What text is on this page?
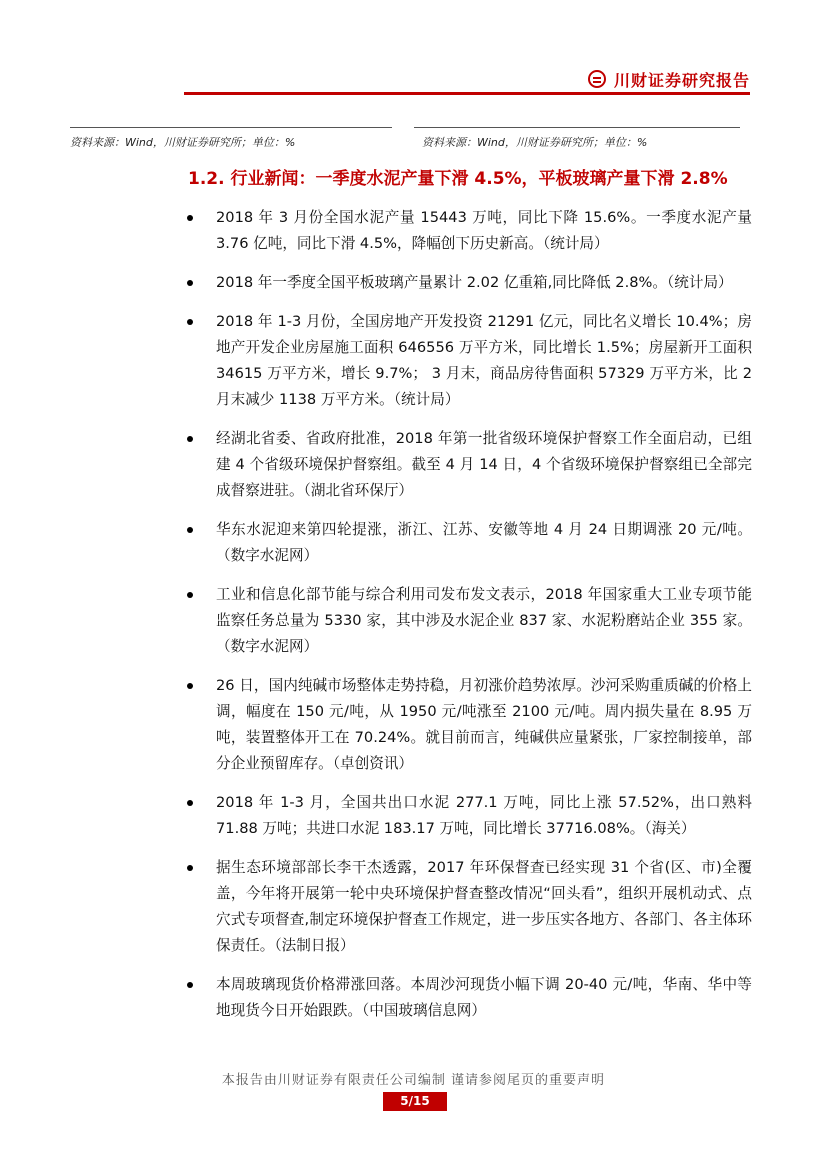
川财证券研究报告
资料来源：Wind，川财证券研究所；单位：%	资料来源：Wind，川财证券研究所；单位：%
1.2. 行业新闻：一季度水泥产量下滑 4.5%，平板玻璃产量下滑 2.8%
2018 年 3 月份全国水泥产量 15443 万吨，同比下降 15.6%。一季度水泥产量 3.76 亿吨，同比下滑 4.5%，降幅创下历史新高。（统计局）
2018 年一季度全国平板玻璃产量累计 2.02 亿重箱,同比降低 2.8%。（统计局）
2018 年 1-3 月份，全国房地产开发投资 21291 亿元，同比名义增长 10.4%；房地产开发企业房屋施工面积 646556 万平方米，同比增长 1.5%；房屋新开工面积 34615 万平方米，增长 9.7%； 3 月末，商品房待售面积 57329 万平方米，比 2 月末减少 1138 万平方米。（统计局）
经湖北省委、省政府批准，2018 年第一批省级环境保护督察工作全面启动，已组建 4 个省级环境保护督察组。截至 4 月 14 日，4 个省级环境保护督察组已全部完成督察进驻。（湖北省环保厅）
华东水泥迎来第四轮提涨，浙江、江苏、安徽等地 4 月 24 日期调涨 20 元/吨。（数字水泥网）
工业和信息化部节能与综合利用司发布发文表示，2018 年国家重大工业专项节能监察任务总量为 5330 家，其中涉及水泥企业 837 家、水泥粉磨站企业 355 家。（数字水泥网）
26 日，国内纯碱市场整体走势持稳，月初涨价趋势浓厚。沙河采购重质碱的价格上调，幅度在 150 元/吨，从 1950 元/吨涨至 2100 元/吨。周内损失量在 8.95 万吨，装置整体开工在 70.24%。就目前而言，纯碱供应量紧张，厂家控制接单，部分企业预留库存。（卓创资讯）
2018 年 1-3 月，全国共出口水泥 277.1 万吨，同比上涨 57.52%，出口熟料 71.88 万吨；共进口水泥 183.17 万吨，同比增长 37716.08%。（海关）
据生态环境部部长李干杰透露，2017 年环保督查已经实现 31 个省(区、市)全覆盖，今年将开展第一轮中央环境保护督查整改情况“回头看”，组织开展机动式、点穴式专项督查,制定环境保护督查工作规定，进一步压实各地方、各部门、各主体环保责任。（法制日报）
本周玻璃现货价格滞涨回落。本周沙河现货小幅下调 20-40 元/吨，华南、华中等地现货今日开始跟跌。（中国玻璃信息网）
本报告由川财证券有限责任公司编制 谨请参阅尾页的重要声明
5/15
